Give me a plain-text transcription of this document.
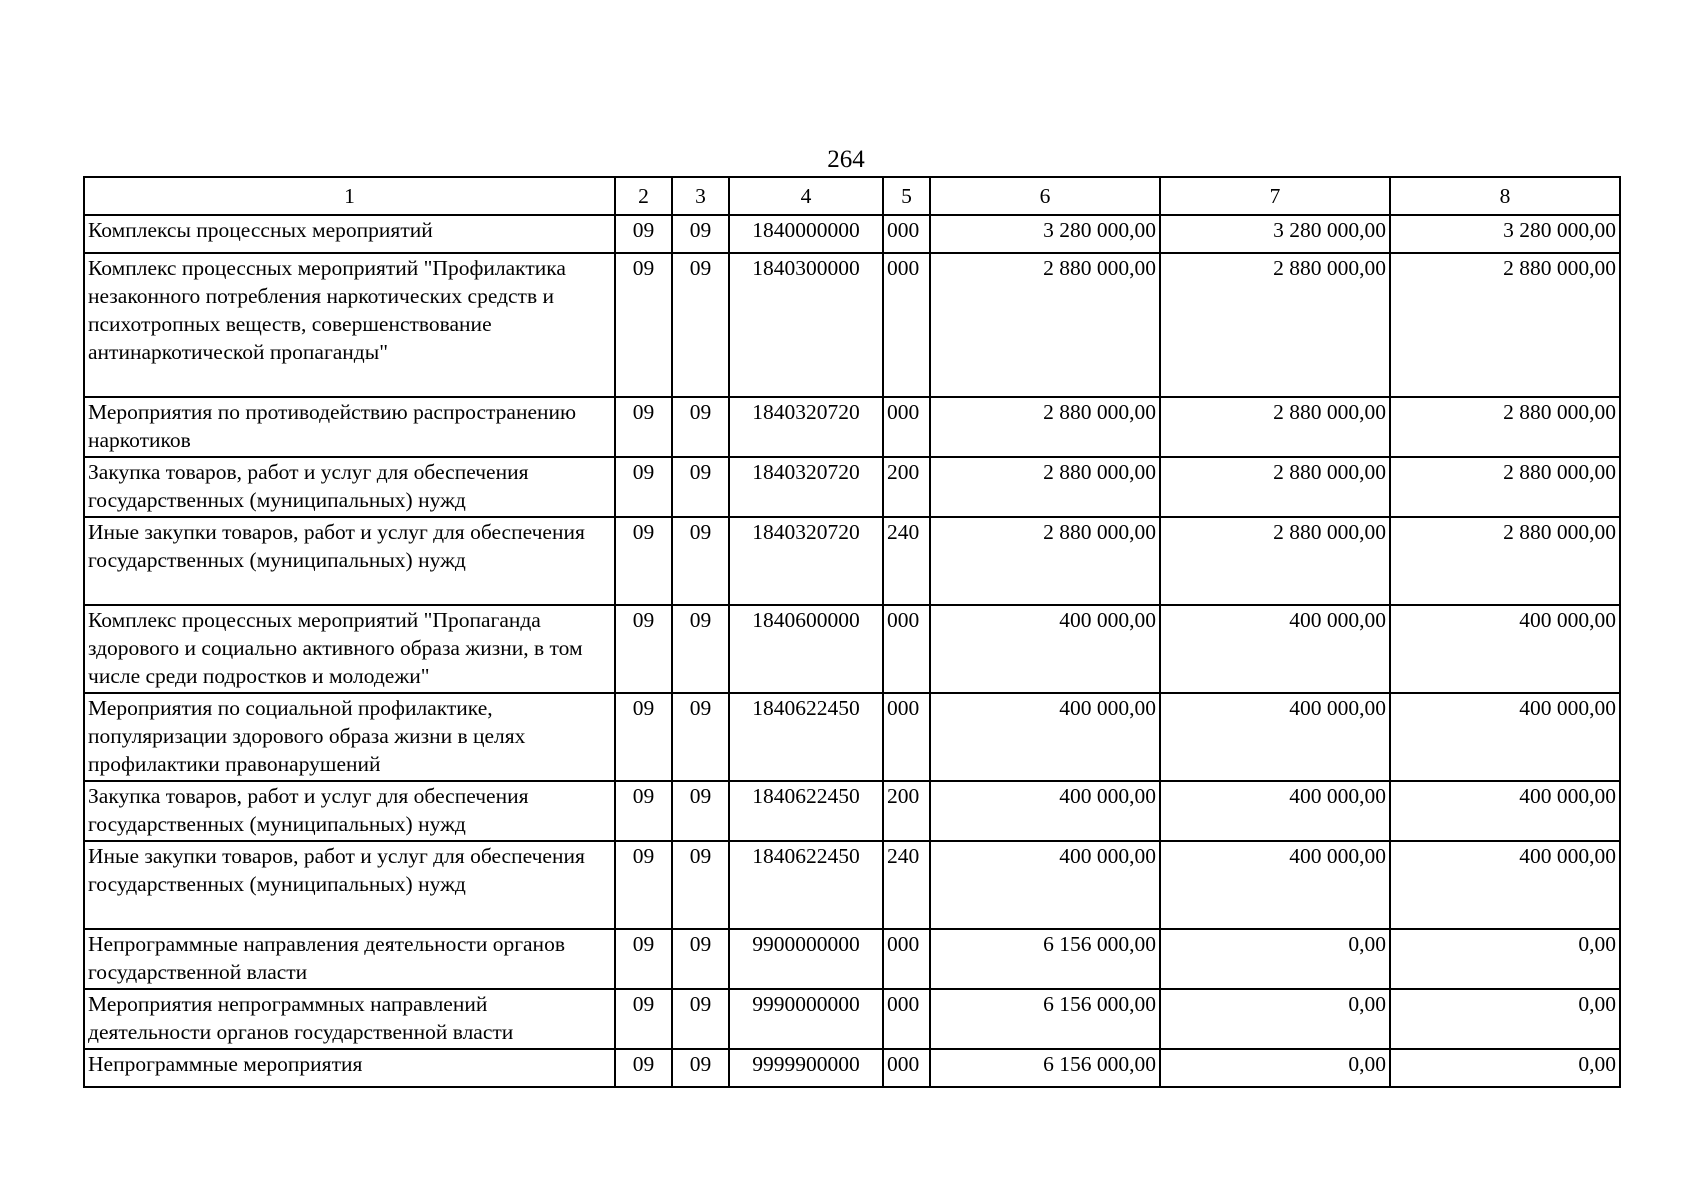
264
1	2	3	4	5	6	7	8
Комплексы процессных мероприятий	09	09	1840000000	000	3 280 000,00	3 280 000,00	3 280 000,00
Комплекс процессных мероприятий "Профилактика незаконного потребления наркотических средств и психотропных веществ, совершенствование антинаркотической пропаганды"	09	09	1840300000	000	2 880 000,00	2 880 000,00	2 880 000,00
Мероприятия по противодействию распространению наркотиков	09	09	1840320720	000	2 880 000,00	2 880 000,00	2 880 000,00
Закупка товаров, работ и услуг для обеспечения государственных (муниципальных) нужд	09	09	1840320720	200	2 880 000,00	2 880 000,00	2 880 000,00
Иные закупки товаров, работ и услуг для обеспечения государственных (муниципальных) нужд	09	09	1840320720	240	2 880 000,00	2 880 000,00	2 880 000,00
Комплекс процессных мероприятий "Пропаганда здорового и социально активного образа жизни, в том числе среди подростков и молодежи"	09	09	1840600000	000	400 000,00	400 000,00	400 000,00
Мероприятия по социальной профилактике, популяризации здорового образа жизни в целях профилактики правонарушений	09	09	1840622450	000	400 000,00	400 000,00	400 000,00
Закупка товаров, работ и услуг для обеспечения государственных (муниципальных) нужд	09	09	1840622450	200	400 000,00	400 000,00	400 000,00
Иные закупки товаров, работ и услуг для обеспечения государственных (муниципальных) нужд	09	09	1840622450	240	400 000,00	400 000,00	400 000,00
Непрограммные направления деятельности органов государственной власти	09	09	9900000000	000	6 156 000,00	0,00	0,00
Мероприятия непрограммных направлений деятельности органов государственной власти	09	09	9990000000	000	6 156 000,00	0,00	0,00
Непрограммные мероприятия	09	09	9999900000	000	6 156 000,00	0,00	0,00
